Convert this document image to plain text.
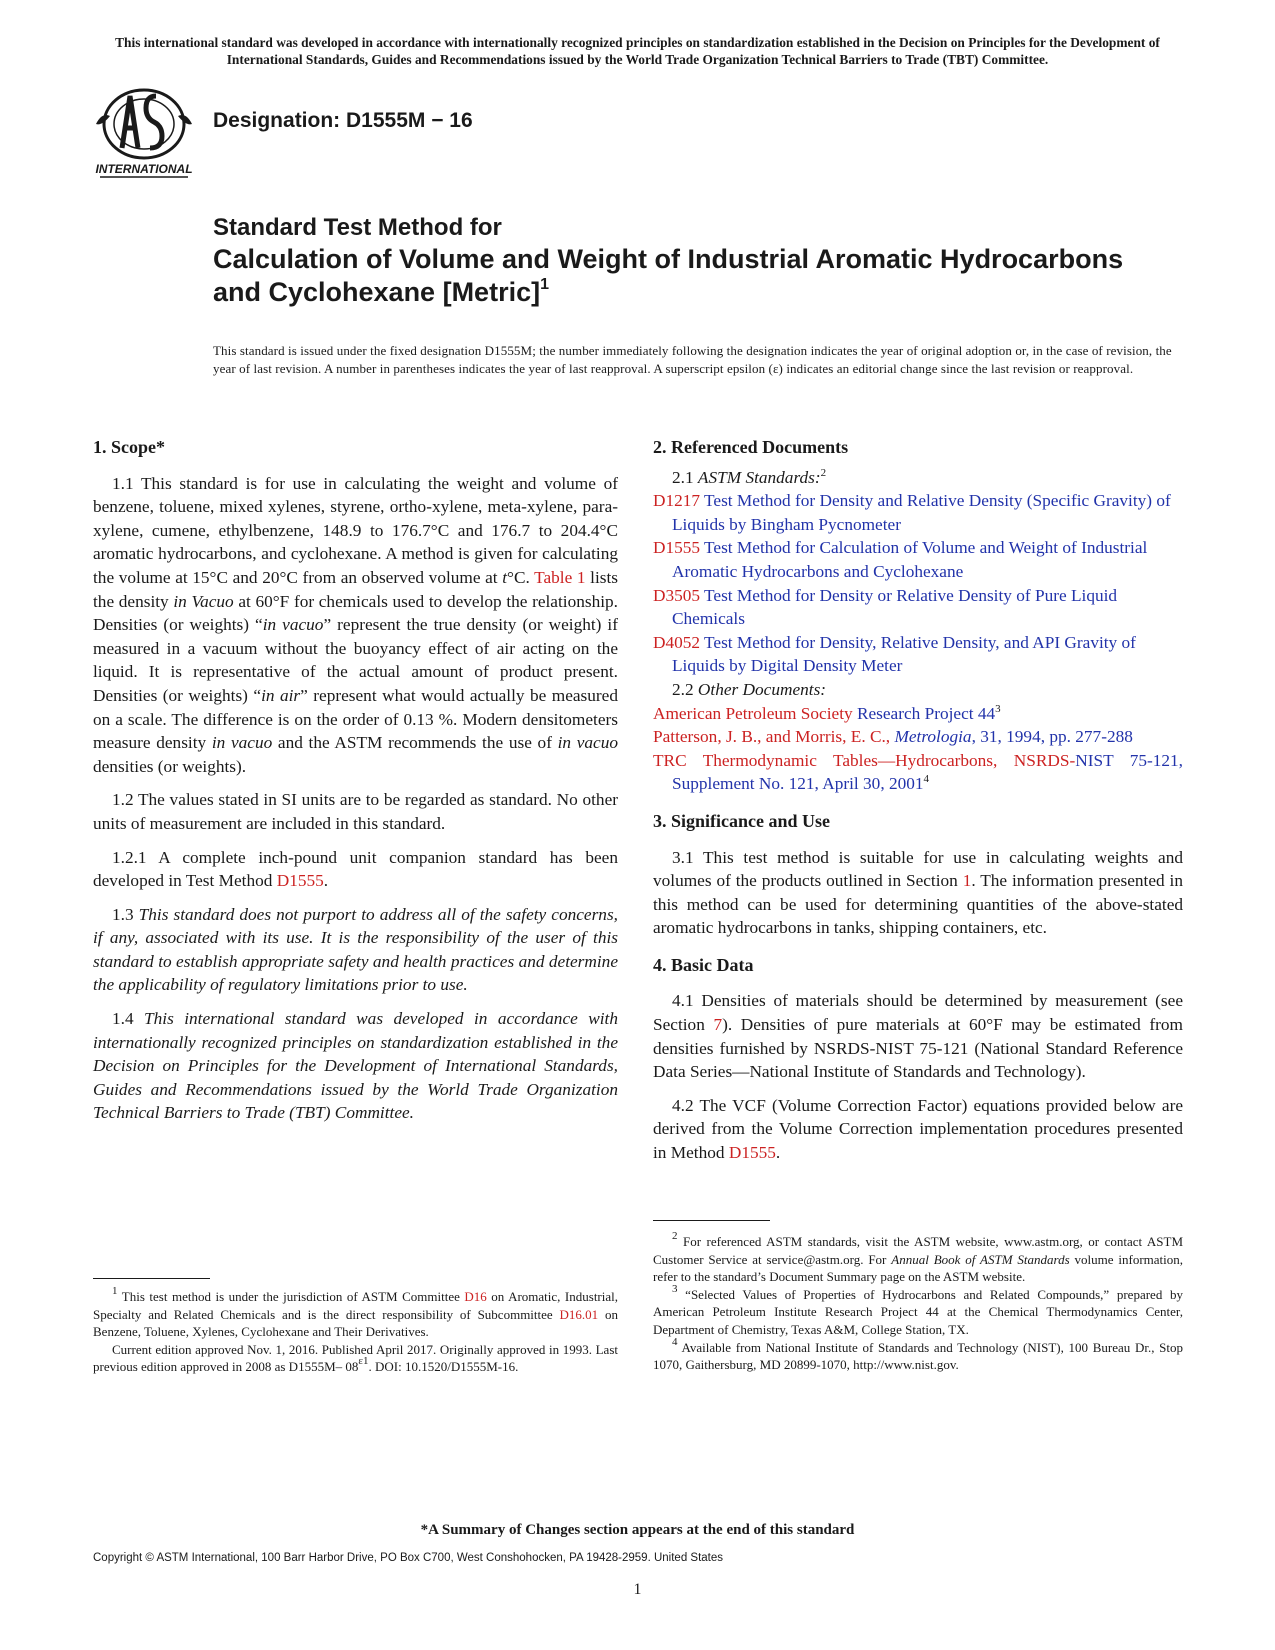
This international standard was developed in accordance with internationally recognized principles on standardization established in the Decision on Principles for the Development of International Standards, Guides and Recommendations issued by the World Trade Organization Technical Barriers to Trade (TBT) Committee.
INTERNATIONAL
Designation: D1555M − 16
Standard Test Method for
Calculation of Volume and Weight of Industrial Aromatic Hydrocarbons and Cyclohexane [Metric]$^1$
This standard is issued under the fixed designation D1555M; the number immediately following the designation indicates the year of original adoption or, in the case of revision, the year of last revision. A number in parentheses indicates the year of last reapproval. A superscript epsilon (ε) indicates an editorial change since the last revision or reapproval.
1. Scope*

1.1 This standard is for use in calculating the weight and volume of benzene, toluene, mixed xylenes, styrene, ortho-xylene, meta-xylene, para-xylene, cumene, ethylbenzene, 148.9 to 176.7°C and 176.7 to 204.4°C aromatic hydrocarbons, and cyclohexane. A method is given for calculating the volume at 15°C and 20°C from an observed volume at t°C. Table 1 lists the density in Vacuo at 60°F for chemicals used to develop the relationship. Densities (or weights) “in vacuo” represent the true density (or weight) if measured in a vacuum without the buoyancy effect of air acting on the liquid. It is representative of the actual amount of product present. Densities (or weights) “in air” represent what would actually be measured on a scale. The difference is on the order of 0.13 %. Modern densitometers measure density in vacuo and the ASTM recommends the use of in vacuo densities (or weights).

1.2 The values stated in SI units are to be regarded as standard. No other units of measurement are included in this standard.

1.2.1 A complete inch-pound unit companion standard has been developed in Test Method D1555.

1.3 This standard does not purport to address all of the safety concerns, if any, associated with its use. It is the responsibility of the user of this standard to establish appropriate safety and health practices and determine the applicability of regulatory limitations prior to use.

1.4 This international standard was developed in accordance with internationally recognized principles on standardization established in the Decision on Principles for the Development of International Standards, Guides and Recommendations issued by the World Trade Organization Technical Barriers to Trade (TBT) Committee.

2. Referenced Documents

2.1 ASTM Standards:$^2$

D1217 Test Method for Density and Relative Density (Specific Gravity) of Liquids by Bingham Pycnometer

D1555 Test Method for Calculation of Volume and Weight of Industrial Aromatic Hydrocarbons and Cyclohexane

D3505 Test Method for Density or Relative Density of Pure Liquid Chemicals

D4052 Test Method for Density, Relative Density, and API Gravity of Liquids by Digital Density Meter

2.2 Other Documents:

American Petroleum Society Research Project $44^3$

Patterson, J. B., and Morris, E. C., Metrologia, 31, 1994, pp. 277-288

TRC Thermodynamic Tables—Hydrocarbons, NSRDS-NIST 75-121, Supplement No. 121, April 30, 2001$^4$

3. Significance and Use

3.1 This test method is suitable for use in calculating weights and volumes of the products outlined in Section 1. The information presented in this method can be used for determining quantities of the above-stated aromatic hydrocarbons in tanks, shipping containers, etc.

4. Basic Data

4.1 Densities of materials should be determined by measurement (see Section 7). Densities of pure materials at 60°F may be estimated from densities furnished by NSRDS-NIST 75-121 (National Standard Reference Data Series—National Institute of Standards and Technology).

4.2 The VCF (Volume Correction Factor) equations provided below are derived from the Volume Correction implementation procedures presented in Method D1555.

$^1$ This test method is under the jurisdiction of ASTM Committee D16 on Aromatic, Industrial, Specialty and Related Chemicals and is the direct responsibility of Subcommittee D16.01 on Benzene, Toluene, Xylenes, Cyclohexane and Their Derivatives.

Current edition approved Nov. 1, 2016. Published April 2017. Originally approved in 1993. Last previous edition approved in 2008 as D1555M– $08^{\varepsilon 1}$. DOI: 10.1520/D1555M-16.

$^2$ For referenced ASTM standards, visit the ASTM website, www.astm.org, or contact ASTM Customer Service at service@astm.org. For Annual Book of ASTM Standards volume information, refer to the standard’s Document Summary page on the ASTM website.

$^3$ “Selected Values of Properties of Hydrocarbons and Related Compounds,” prepared by American Petroleum Institute Research Project 44 at the Chemical Thermodynamics Center, Department of Chemistry, Texas A&M, College Station, TX.

$^4$ Available from National Institute of Standards and Technology (NIST), 100 Bureau Dr., Stop 1070, Gaithersburg, MD 20899-1070, http://www.nist.gov.

*A Summary of Changes section appears at the end of this standard
Copyright © ASTM International, 100 Barr Harbor Drive, PO Box C700, West Conshohocken, PA 19428-2959. United States
1
